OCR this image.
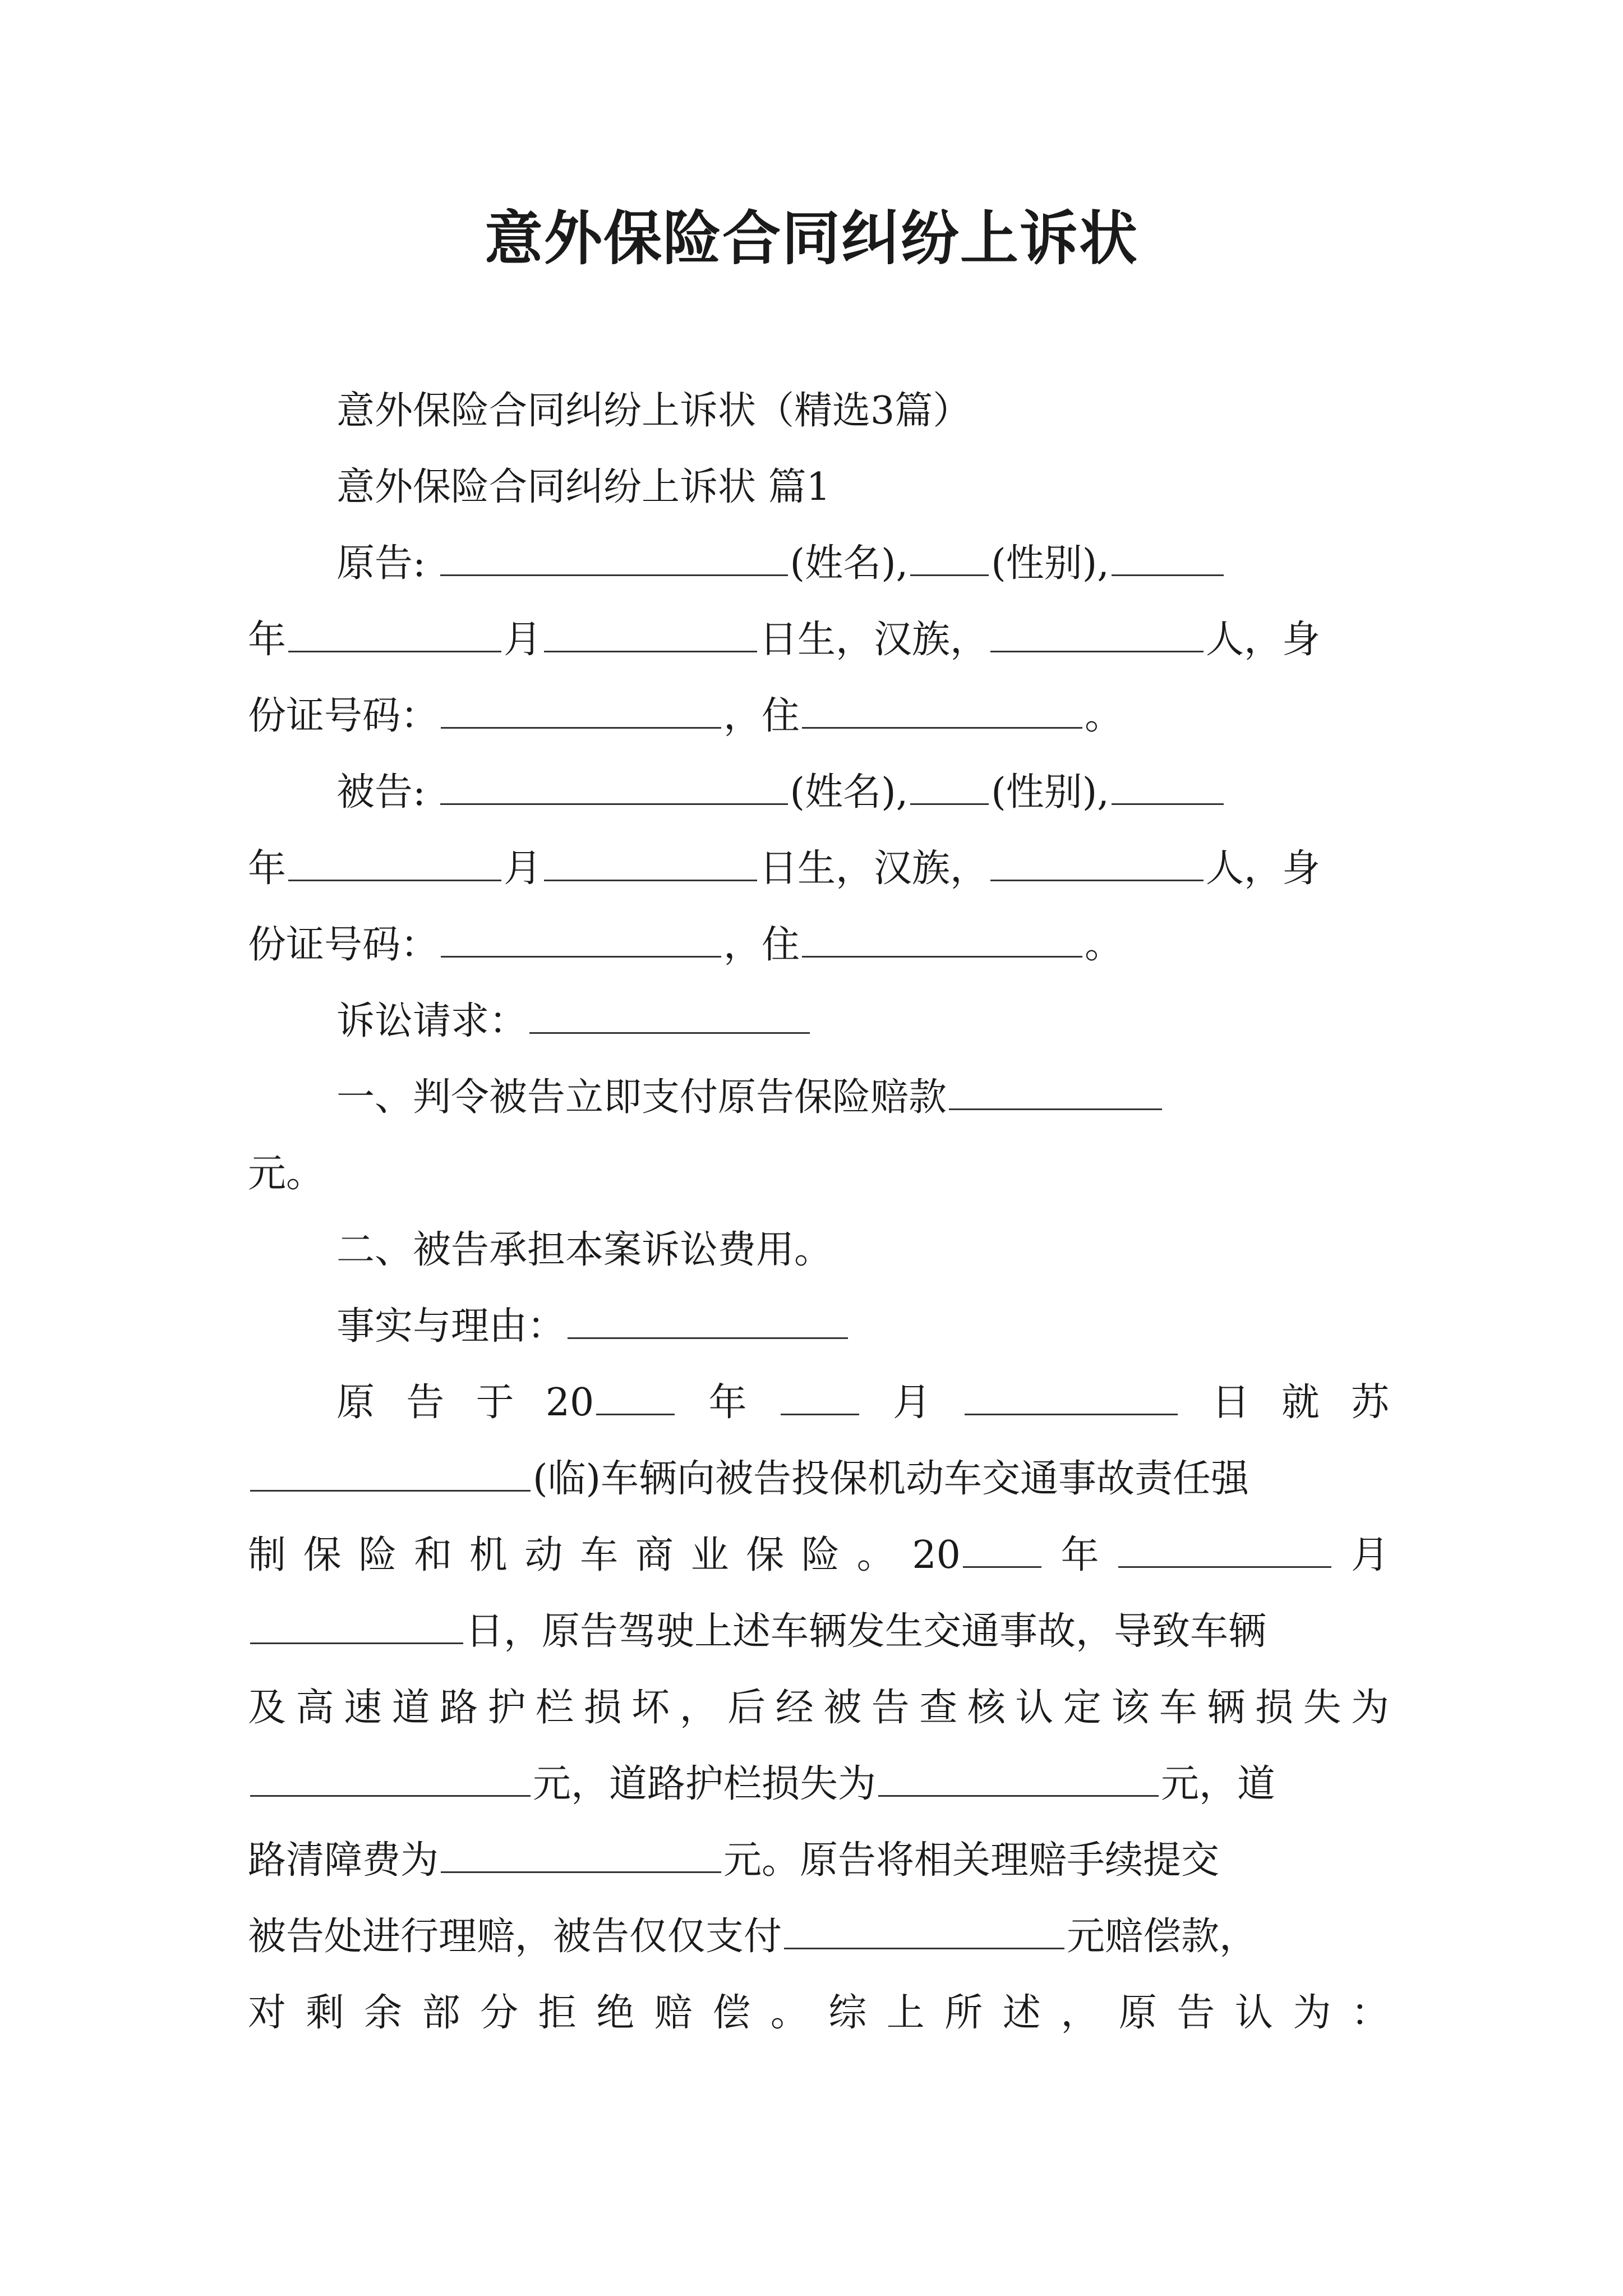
意外保险合同纠纷上诉状
意外保险合同纠纷上诉状（精选3篇）
意外保险合同纠纷上诉状 篇1
原告:	(姓名), (性别),
年	月	日生，汉族，	人，身
份证号码：	，住	。
被告:	(姓名), (性别),
年	月	日生，汉族，	人，身
份证号码：	，住	。
诉讼请求：
一、判令被告立即支付原告保险赔款
元。
二、被告承担本案诉讼费用。
事实与理由：
原告于20 年 月	日就苏
(临)车辆向被告投保机动车交通事故责任强
制保险和机动车商业保险。20 年	月
日，原告驾驶上述车辆发生交通事故，导致车辆
及高速道路护栏损坏，后经被告查核认定该车辆损失为
元，道路护栏损失为	元，道
路清障费为	元。原告将相关理赔手续提交
被告处进行理赔，被告仅仅支付	元赔偿款，
对剩余部分拒绝赔偿。综上所述，原告认为：
